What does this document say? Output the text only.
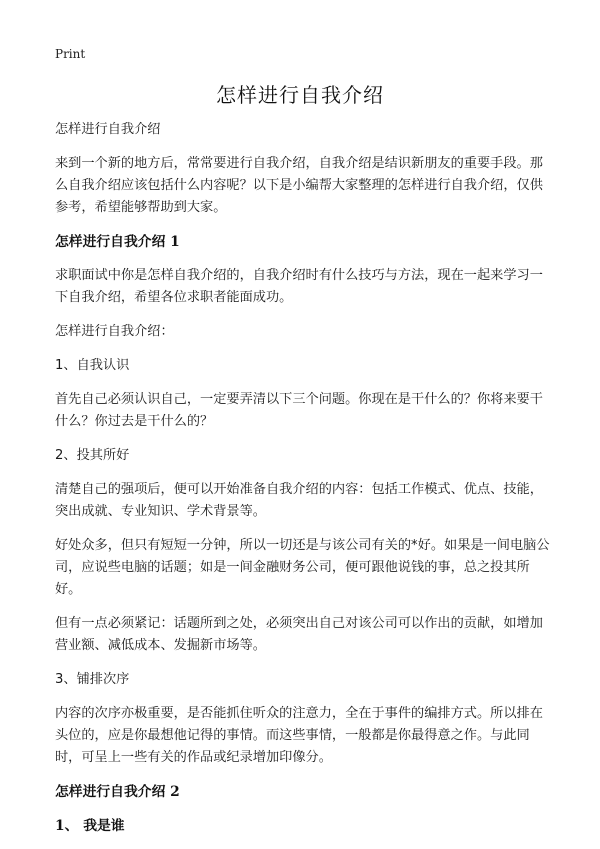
Print
怎样进行自我介绍

怎样进行自我介绍

来到一个新的地方后，常常要进行自我介绍，自我介绍是结识新朋友的重要手段。那么自我介绍应该包括什么内容呢？以下是小编帮大家整理的怎样进行自我介绍，仅供参考，希望能够帮助到大家。

怎样进行自我介绍 1

求职面试中你是怎样自我介绍的，自我介绍时有什么技巧与方法，现在一起来学习一下自我介绍，希望各位求职者能面成功。

怎样进行自我介绍：

1、自我认识

首先自己必须认识自己，一定要弄清以下三个问题。你现在是干什么的？你将来要干什么？你过去是干什么的？

2、投其所好

清楚自己的强项后，便可以开始准备自我介绍的内容：包括工作模式、优点、技能，突出成就、专业知识、学术背景等。

好处众多，但只有短短一分钟，所以一切还是与该公司有关的*好。如果是一间电脑公司，应说些电脑的话题；如是一间金融财务公司，便可跟他说钱的事，总之投其所好。

但有一点必须紧记：话题所到之处，必须突出自己对该公司可以作出的贡献，如增加营业额、减低成本、发掘新市场等。

3、铺排次序

内容的次序亦极重要，是否能抓住听众的注意力，全在于事件的编排方式。所以排在头位的，应是你最想他记得的事情。而这些事情，一般都是你最得意之作。与此同时，可呈上一些有关的作品或纪录增加印像分。

怎样进行自我介绍 2

1、 我是谁
